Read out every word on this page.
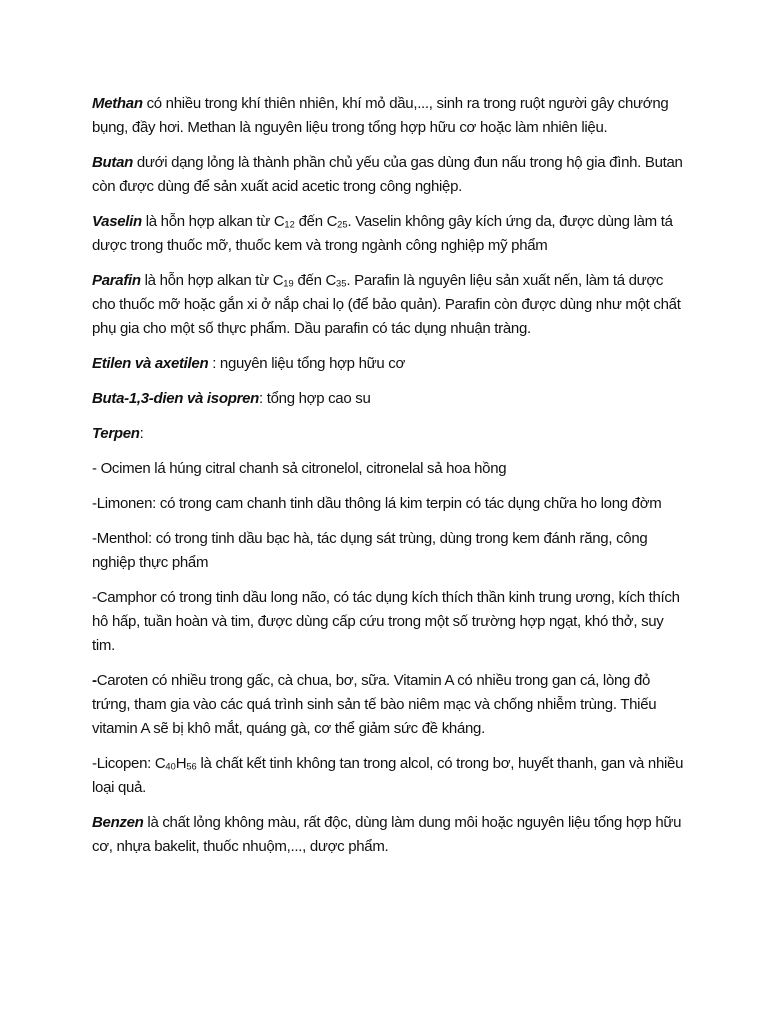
Methan có nhiều trong khí thiên nhiên, khí mỏ dầu,..., sinh ra trong ruột người gây chướng bụng, đầy hơi. Methan là nguyên liệu trong tổng hợp hữu cơ hoặc làm nhiên liệu.

Butan dưới dạng lỏng là thành phần chủ yếu của gas dùng đun nấu trong hộ gia đình. Butan còn được dùng để sản xuất acid acetic trong công nghiệp.

Vaselin là hỗn hợp alkan từ C12 đến C25. Vaselin không gây kích ứng da, được dùng làm tá dược trong thuốc mỡ, thuốc kem và trong ngành công nghiệp mỹ phẩm

Parafin là hỗn hợp alkan từ C19 đến C35. Parafin là nguyên liệu sản xuất nến, làm tá dược cho thuốc mỡ hoặc gắn xi ở nắp chai lọ (để bảo quản). Parafin còn được dùng như một chất phụ gia cho một số thực phẩm. Dầu parafin có tác dụng nhuận tràng.

Etilen và axetilen : nguyên liệu tổng hợp hữu cơ

Buta-1,3-dien và isopren: tổng hợp cao su

Terpen:

- Ocimen lá húng citral chanh sả citronelol, citronelal sả hoa hồng

-Limonen: có trong cam chanh tinh dầu thông lá kim terpin có tác dụng chữa ho long đờm

-Menthol: có trong tinh dầu bạc hà, tác dụng sát trùng, dùng trong kem đánh răng, công nghiệp thực phẩm

-Camphor có trong tinh dầu long não, có tác dụng kích thích thần kinh trung ương, kích thích hô hấp, tuần hoàn và tim, được dùng cấp cứu trong một số trường hợp ngạt, khó thở, suy tim.

-Caroten có nhiều trong gấc, cà chua, bơ, sữa. Vitamin A có nhiều trong gan cá, lòng đỏ trứng, tham gia vào các quá trình sinh sản tế bào niêm mạc và chống nhiễm trùng. Thiếu vitamin A sẽ bị khô mắt, quáng gà, cơ thể giảm sức đề kháng.

-Licopen: C40H56 là chất kết tinh không tan trong alcol, có trong bơ, huyết thanh, gan và nhiều loại quả.

Benzen là chất lỏng không màu, rất độc, dùng làm dung môi hoặc nguyên liệu tổng hợp hữu cơ, nhựa bakelit, thuốc nhuộm,..., dược phẩm.
